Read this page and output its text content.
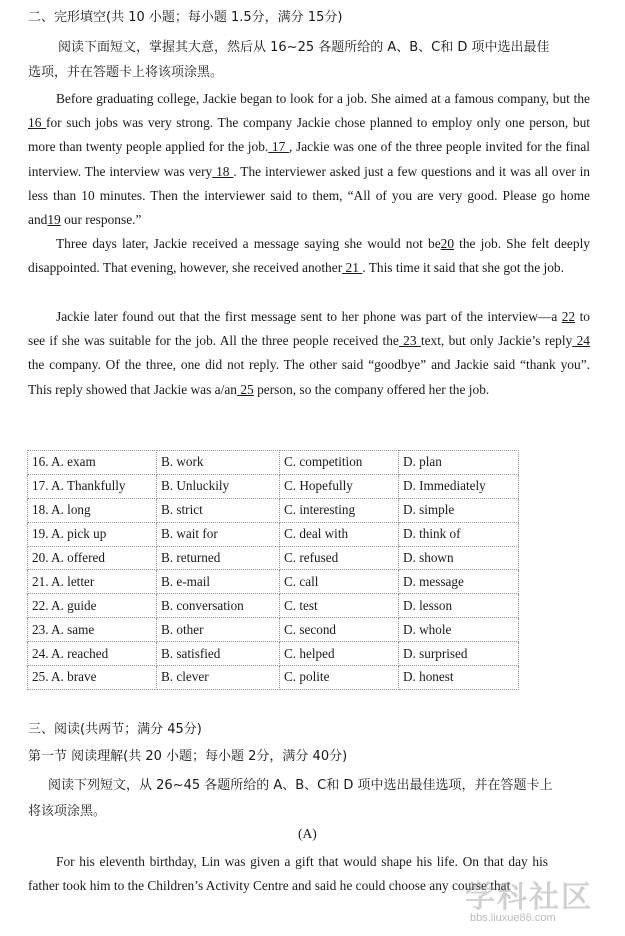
二、完形填空(共 10 小题；每小题 1.5分，满分 15分)
阅读下面短文，掌握其大意，然后从 16~25 各题所给的 A、B、C和 D 项中选出最佳
选项，并在答题卡上将该项涂黑。

Before graduating college, Jackie began to look for a job. She aimed at a famous company, but the 16 for such jobs was very strong. The company Jackie chose planned to employ only one person, but more than twenty people applied for the job. 17 , Jackie was one of the three people invited for the final interview. The interview was very 18 . The interviewer asked just a few questions and it was all over in less than 10 minutes. Then the interviewer said to them, “All of you are very good. Please go home and19 our response.”

Three days later, Jackie received a message saying she would not be20 the job. She felt deeply disappointed. That evening, however, she received another 21 . This time it said that she got the job.

Jackie later found out that the first message sent to her phone was part of the interview—a 22 to see if she was suitable for the job. All the three people received the 23 text, but only Jackie’s reply 24 the company. Of the three, one did not reply. The other said “goodbye” and Jackie said “thank you”. This reply showed that Jackie was a/an 25 person, so the company offered her the job.

16. A. exam	B. work	C. competition	D. plan
17. A. Thankfully	B. Unluckily	C. Hopefully	D. Immediately
18. A. long	B. strict	C. interesting	D. simple
19. A. pick up	B. wait for	C. deal with	D. think of
20. A. offered	B. returned	C. refused	D. shown
21. A. letter	B. e-mail	C. call	D. message
22. A. guide	B. conversation	C. test	D. lesson
23. A. same	B. other	C. second	D. whole
24. A. reached	B. satisfied	C. helped	D. surprised
25. A. brave	B. clever	C. polite	D. honest
三、阅读(共两节；满分 45分)
第一节 阅读理解(共 20 小题；每小题 2分，满分 40分)
阅读下列短文，从 26~45 各题所给的 A、B、C和 D 项中选出最佳选项，并在答题卡上
将该项涂黑。
(A)

For his eleventh birthday, Lin was given a gift that would shape his life. On that day his father took him to the Children’s Activity Centre and said he could choose any course that

学科社区
bbs.liuxue86.com
